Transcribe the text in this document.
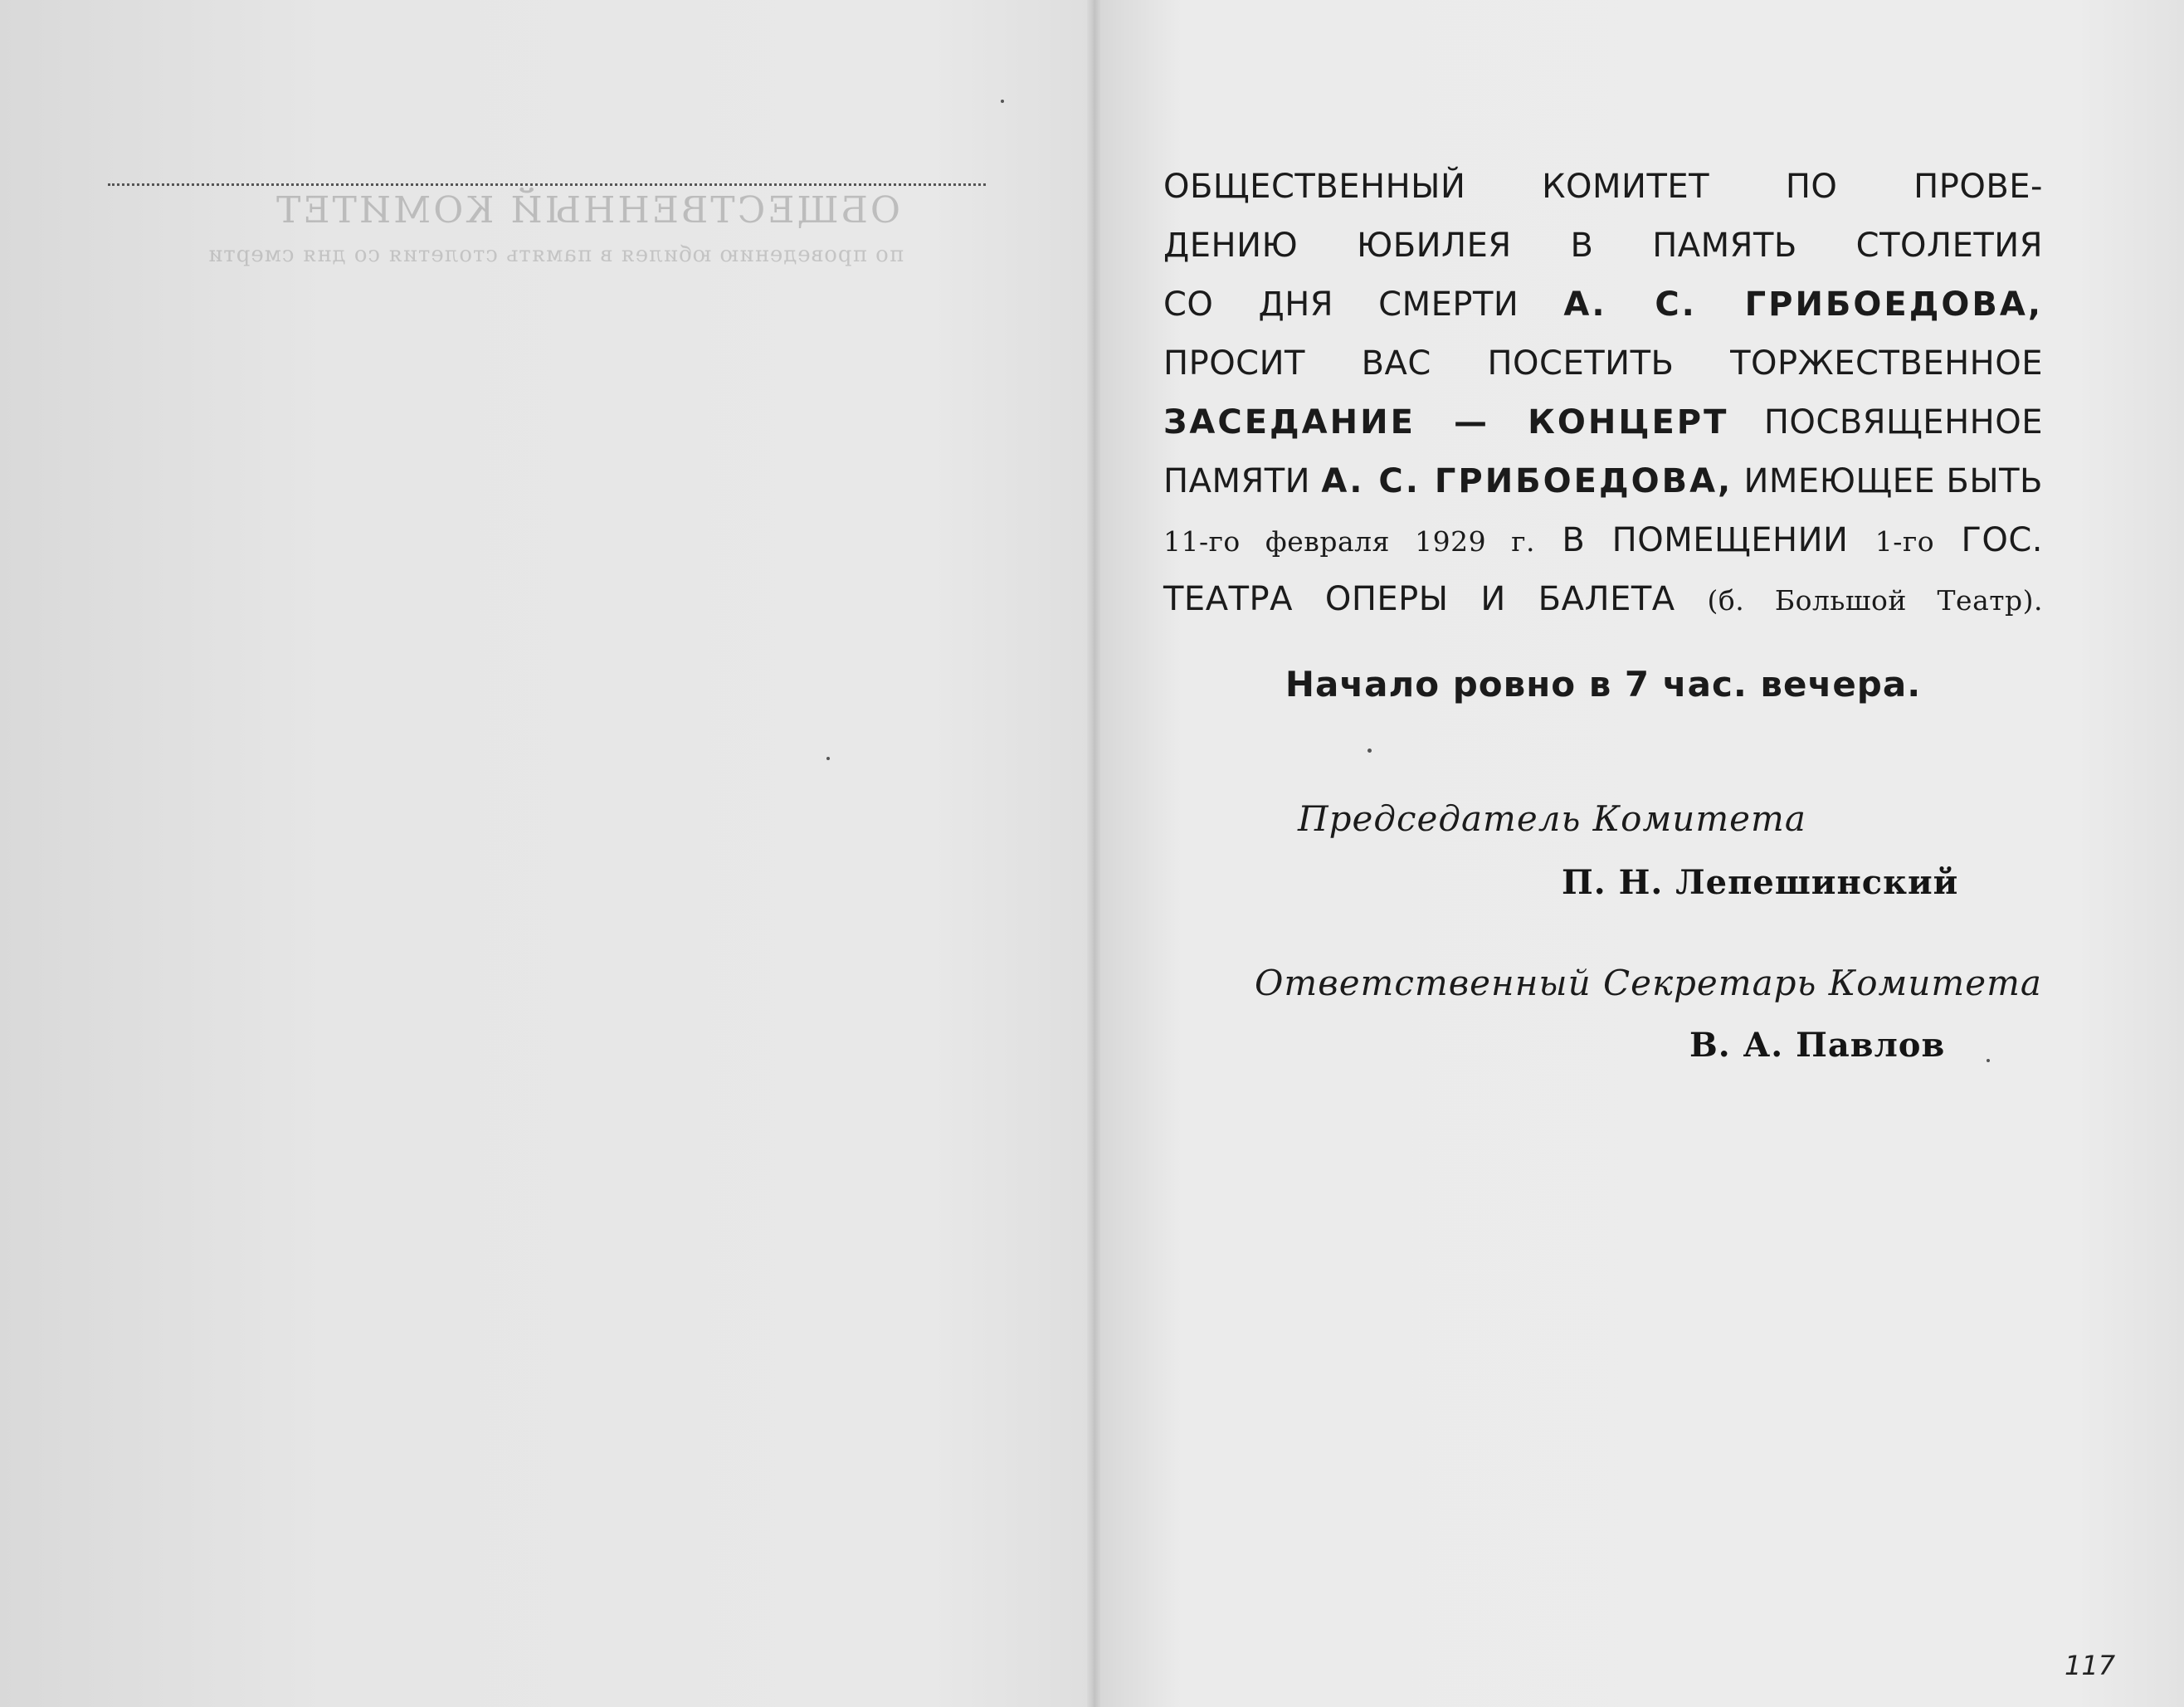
ОБЩЕСТВЕННЫЙ КОМИТЕТ
по проведению юбилея в память столетия со дня смерти
ОБЩЕСТВЕННЫЙ КОМИТЕТ ПО ПРОВЕ-
ДЕНИЮ ЮБИЛЕЯ В ПАМЯТЬ СТОЛЕТИЯ
СО ДНЯ СМЕРТИ А. С. ГРИБОЕДОВА,
ПРОСИТ ВАС ПОСЕТИТЬ ТОРЖЕСТВЕННОЕ
ЗАСЕДАНИЕ — КОНЦЕРТ ПОСВЯЩЕННОЕ
ПАМЯТИ А. С. ГРИБОЕДОВА, ИМЕЮЩЕЕ БЫТЬ
11-го февраля 1929 г. В ПОМЕЩЕНИИ 1-го ГОС.
ТЕАТРА ОПЕРЫ И БАЛЕТА (б. Большой Театр).
Начало ровно в 7 час. вечера.
Председатель Комитета
П. Н. Лепешинский
Ответственный Секретарь Комитета
В. А. Павлов
117
